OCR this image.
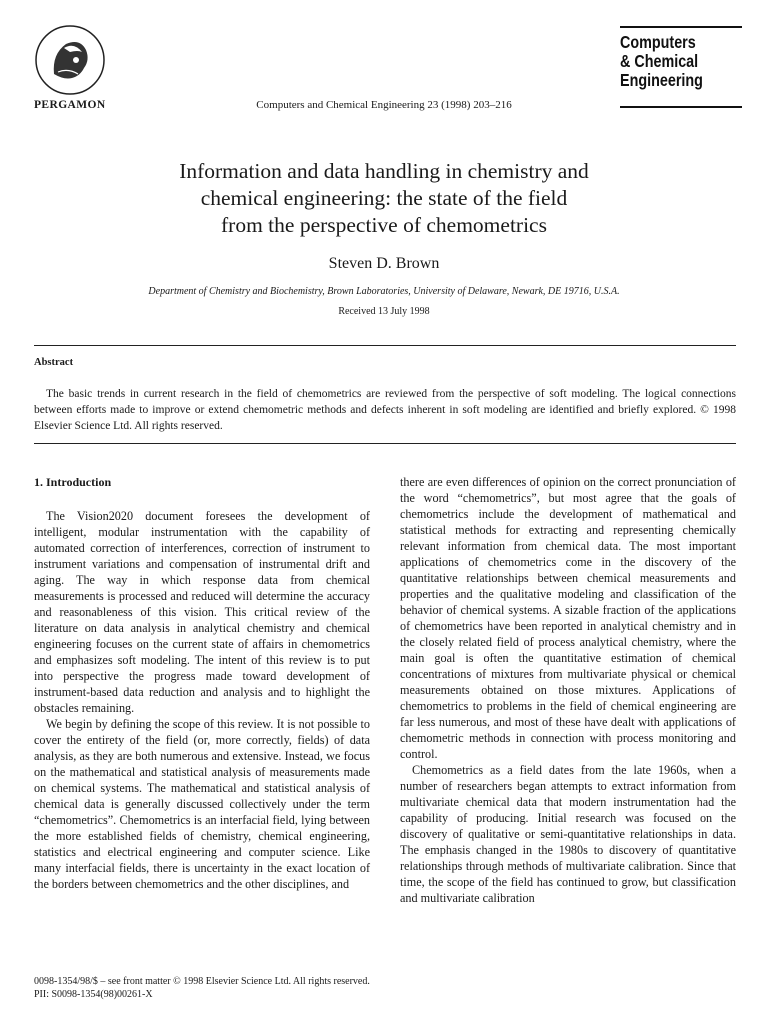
PERGAMON	Computers and Chemical Engineering 23 (1998) 203–216
Computers
& Chemical
Engineering
Information and data handling in chemistry and
chemical engineering: the state of the field
from the perspective of chemometrics
Steven D. Brown
Department of Chemistry and Biochemistry, Brown Laboratories, University of Delaware, Newark, DE 19716, U.S.A.
Received 13 July 1998
Abstract

The basic trends in current research in the field of chemometrics are reviewed from the perspective of soft modeling. The logical connections between efforts made to improve or extend chemometric methods and defects inherent in soft modeling are identified and briefly explored. © 1998 Elsevier Science Ltd. All rights reserved.

1. Introduction

The Vision2020 document foresees the development of intelligent, modular instrumentation with the capability of automated correction of interferences, correction of instrument to instrument variations and compensation of instrumental drift and aging. The way in which response data from chemical measurements is processed and reduced will determine the accuracy and reasonableness of this vision. This critical review of the literature on data analysis in analytical chemistry and chemical engineering focuses on the current state of affairs in chemometrics and emphasizes soft modeling. The intent of this review is to put into perspective the progress made toward development of instrument-based data reduction and analysis and to highlight the obstacles remaining.

We begin by defining the scope of this review. It is not possible to cover the entirety of the field (or, more correctly, fields) of data analysis, as they are both numerous and extensive. Instead, we focus on the mathematical and statistical analysis of measurements made on chemical systems. The mathematical and statistical analysis of chemical data is generally discussed collectively under the term “chemometrics”. Chemometrics is an interfacial field, lying between the more established fields of chemistry, chemical engineering, statistics and electrical engineering and computer science. Like many interfacial fields, there is uncertainty in the exact location of the borders between chemometrics and the other disciplines, and

there are even differences of opinion on the correct pronunciation of the word “chemometrics”, but most agree that the goals of chemometrics include the development of mathematical and statistical methods for extracting and representing chemically relevant information from chemical data. The most important applications of chemometrics come in the discovery of the quantitative relationships between chemical measurements and properties and the qualitative modeling and classification of the behavior of chemical systems. A sizable fraction of the applications of chemometrics have been reported in analytical chemistry and in the closely related field of process analytical chemistry, where the main goal is often the quantitative estimation of chemical concentrations of mixtures from multivariate physical or chemical measurements obtained on those mixtures. Applications of chemometrics to problems in the field of chemical engineering are far less numerous, and most of these have dealt with applications of chemometric methods in connection with process monitoring and control.

Chemometrics as a field dates from the late 1960s, when a number of researchers began attempts to extract information from multivariate chemical data that modern instrumentation had the capability of producing. Initial research was focused on the discovery of qualitative or semi-quantitative relationships in data. The emphasis changed in the 1980s to discovery of quantitative relationships through methods of multivariate calibration. Since that time, the scope of the field has continued to grow, but classification and multivariate calibration

0098-1354/98/$ – see front matter © 1998 Elsevier Science Ltd. All rights reserved.
PII: S0098-1354(98)00261-X
